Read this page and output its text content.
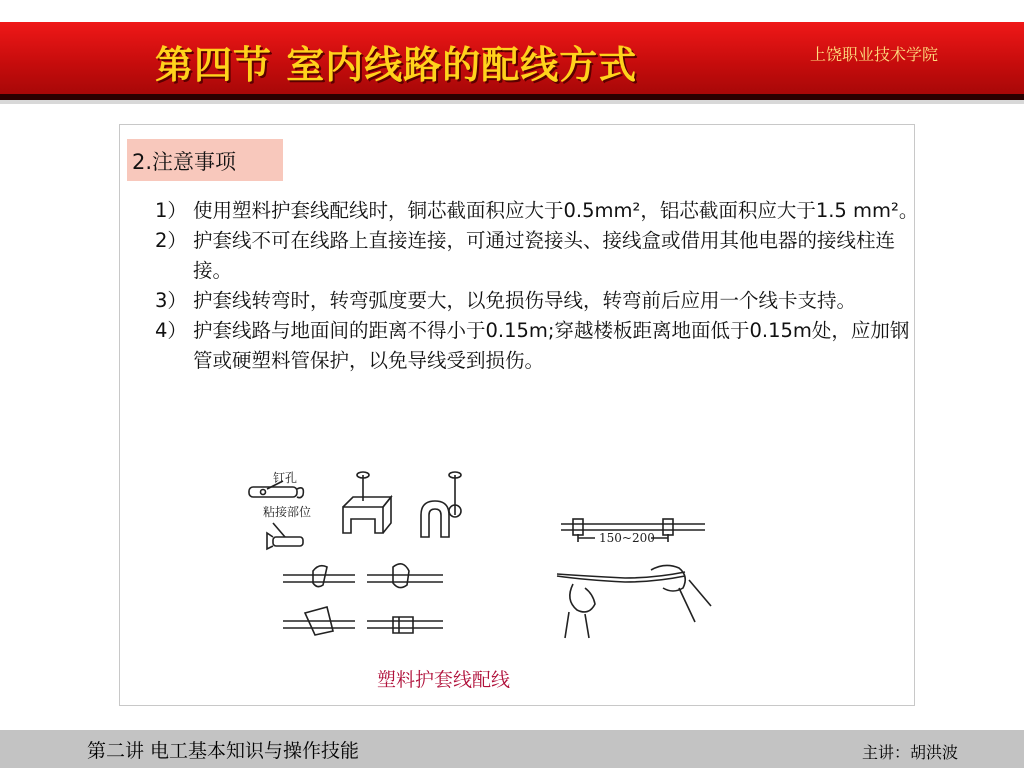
第四节 室内线路的配线方式	上饶职业技术学院
2.注意事项
1） 使用塑料护套线配线时，铜芯截面积应大于0.5mm²，铝芯截面积应大于1.5 mm²。
2） 护套线不可在线路上直接连接，可通过瓷接头、接线盒或借用其他电器的接线柱连接。
3） 护套线转弯时，转弯弧度要大，以免损伤导线，转弯前后应用一个线卡支持。
4） 护套线路与地面间的距离不得小于0.15m;穿越楼板距离地面低于0.15m处，应加钢管或硬塑料管保护，以免导线受到损伤。
钉孔
粘接部位
150~200
塑料护套线配线
第二讲 电工基本知识与操作技能	主讲：胡洪波
